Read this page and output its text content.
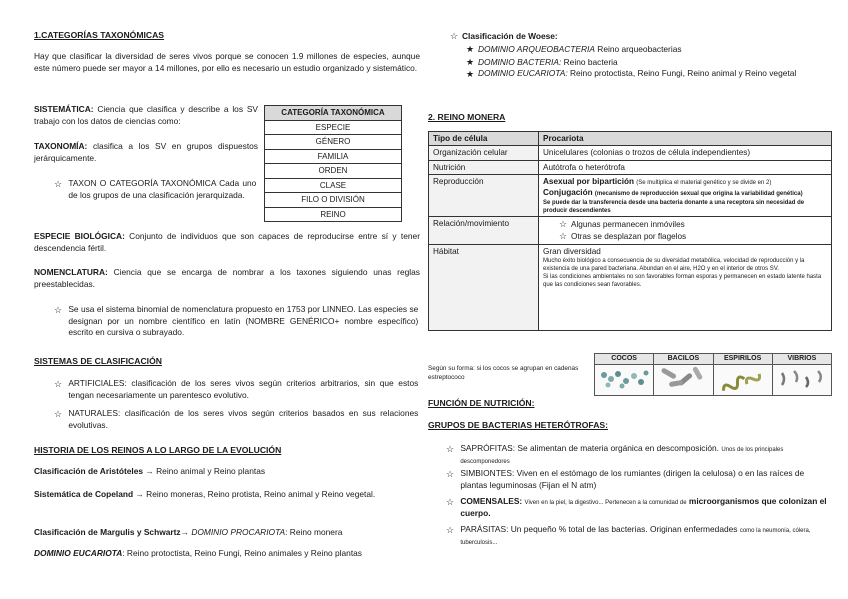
1.CATEGORÍAS TAXONÓMICAS

Hay que clasificar la diversidad de seres vivos porque se conocen 1.9 millones de especies, aunque este número puede ser mayor a 14 millones, por ello es necesario un estudio organizado y sistemático.

SISTEMÁTICA: Ciencia que clasifica y describe a los SV trabajo con los datos de ciencias como:

TAXONOMÍA: clasifica a los SV en grupos dispuestos jerárquicamente.

☆ TAXON O CATEGORÍA TAXONÓMICA Cada uno de los grupos de una clasificación jerarquizada.
CATEGORÍA TAXONÓMICA
ESPECIE
GÉNERO
FAMILIA
ORDEN
CLASE
FILO O DIVISIÓN
REINO

ESPECIE BIOLÓGICA: Conjunto de individuos que son capaces de reproducirse entre sí y tener descendencia fértil.

NOMENCLATURA: Ciencia que se encarga de nombrar a los taxones siguiendo unas reglas preestablecidas.

☆ Se usa el sistema binomial de nomenclatura propuesto en 1753 por LINNEO. Las especies se designan por un nombre científico en latín (NOMBRE GENÉRICO+ nombre específico) escrito en cursiva o subrayado.
SISTEMAS DE CLASIFICACIÓN
☆ ARTIFICIALES: clasificación de los seres vivos según criterios arbitrarios, sin que estos tengan necesariamente un parentesco evolutivo.
☆ NATURALES: clasificación de los seres vivos según criterios basados en sus relaciones evolutivas.
HISTORIA DE LOS REINOS A LO LARGO DE LA EVOLUCIÓN

Clasificación de Aristóteles → Reino animal y Reino plantas

Sistemática de Copeland → Reino moneras, Reino protista, Reino animal y Reino vegetal.

Clasificación de Margulis y Schwartz→ DOMINIO PROCARIOTA: Reino monera

DOMINIO EUCARIOTA: Reino protoctista, Reino Fungi, Reino animales y Reino plantas

☆ Clasificación de Woese:
★ DOMINIO ARQUEOBACTERIA Reino arqueobacterias
★ DOMINIO BACTERIA: Reino bacteria
★ DOMINIO EUCARIOTA: Reino protoctista, Reino Fungi, Reino animal y Reino vegetal
2. REINO MONERA
Tipo de célula	Procariota
Organización celular	Unicelulares (colonias o trozos de célula independientes)
Nutrición	Autótrofa o heterótrofa
Reproducción	Asexual por bipartición (Se multiplica el material genético y se divide en 2)
Conjugación (mecanismo de reproducción sexual que origina la variabilidad genética)
Se puede dar la transferencia desde una bacteria donante a una receptora sin necesidad de producir descendientes

Relación/movimiento	☆ Algunas permanecen inmóviles
☆ Otras se desplazan por flagelos

Hábitat	Gran diversidad
Mucho éxito biológico a consecuencia de su diversidad metabólica, velocidad de reproducción y la existencia de una pared bacteriana. Abundan en el aire, H2O y en el interior de otros SV.
Si las condiciones ambientales no son favorables forman esporas y permanecen en estado latente hasta que las condiciones sean favorables.
Según su forma: si los cocos se agrupan en cadenas estreptococo
COCOS	BACILOS	ESPIRILOS	VIBRIOS

FUNCIÓN DE NUTRICIÓN:
GRUPOS DE BACTERIAS HETERÓTROFAS:
☆ SAPRÓFITAS: Se alimentan de materia orgánica en descomposición. Unos de los principales descomponedores
☆ SIMBIONTES: Viven en el estómago de los rumiantes (dirigen la celulosa) o en las raíces de plantas leguminosas (Fijan el N atm)
☆ COMENSALES: Viven en la piel, la digestivo... Pertenecen a la comunidad de microorganismos que colonizan el cuerpo.
☆ PARÁSITAS: Un pequeño % total de las bacterias. Originan enfermedades como la neumonía, cólera, tuberculosis...
